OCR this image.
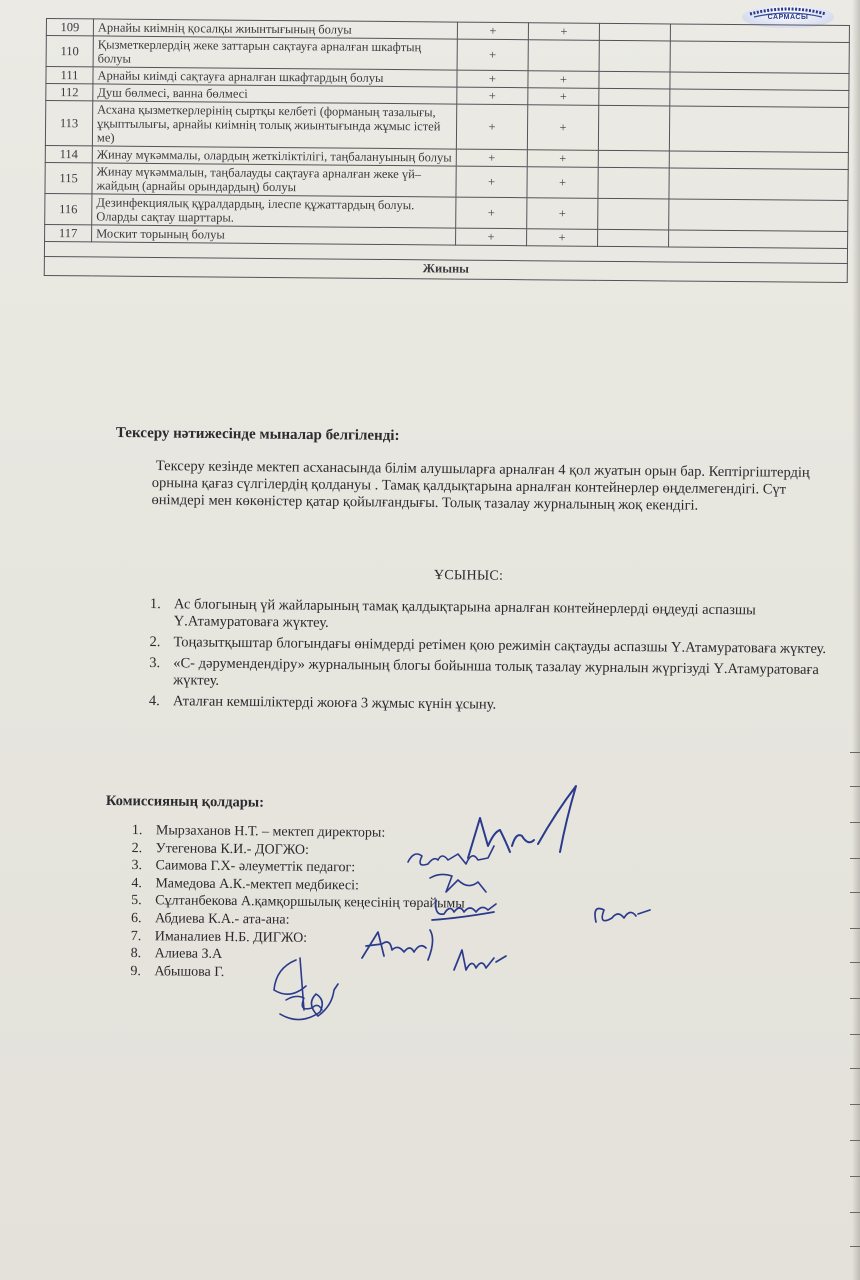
САРМАСЫ
109	Арнайы киімнің қосалқы жиынтығының болуы	+	+		
110	Қызметкерлердің жеке заттарын сақтауға арналған шкафтың болуы	+			
111	Арнайы киімді сақтауға арналған шкафтардың болуы	+	+		
112	Душ бөлмесі, ванна бөлмесі	+	+		
113	Асхана қызметкерлерінің сыртқы келбеті (форманың тазалығы, ұқыптылығы, арнайы киімнің толық жиынтығында жұмыс істей ме)	+	+		
114	Жинау мүкәммалы, олардың жеткіліктілігі, таңбалануының болуы	+	+		
115	Жинау мүкәммалын, таңбалауды сақтауға арналған жеке үй–жайдың (арнайы орындардың) болуы	+	+		
116	Дезинфекциялық құралдардың, ілеспе құжаттардың болуы. Оларды сақтау шарттары.	+	+		
117	Москит торының болуы	+	+		

Жиыны					
Тексеру нәтижесінде мыналар белгіленді:
Тексеру кезінде мектеп асханасында білім алушыларға арналған 4 қол жуатын орын бар. Кептіргіштердің орнына қағаз сүлгілердің қолдануы . Тамақ қалдықтарына арналған контейнерлер өңделмегендігі. Сүт өнімдері мен көкөністер қатар қойылғандығы. Толық тазалау журналының жоқ екендігі.
ҰСЫНЫС:
1. Ас блогының үй жайларының тамақ қалдықтарына арналған контейнерлерді өңдеуді аспазшы Ү.Атамуратоваға жүктеу.
2. Тоңазытқыштар блогындағы өнімдерді ретімен қою режимін сақтауды аспазшы Ү.Атамуратоваға жүктеу.
3. «С- дәрумендендіру» журналының блогы бойынша толық тазалау журналын жүргізуді Ү.Атамуратоваға жүктеу.
4. Аталған кемшіліктерді жоюға 3 жұмыс күнін ұсыну.
Комиссияның қолдары:
1. Мырзаханов Н.Т. – мектеп директоры:
2. Утегенова К.И.- ДОГЖО:
3. Саимова Г.Х- әлеуметтік педагог:
4. Мамедова А.К.-мектеп медбикесі:
5. Сұлтанбекова А.қамқоршылық кеңесінің төрайымы
6. Абдиева К.А.- ата-ана:
7. Иманалиев Н.Б. ДИГЖО:
8. Алиева З.А
9. Абышова Г.
